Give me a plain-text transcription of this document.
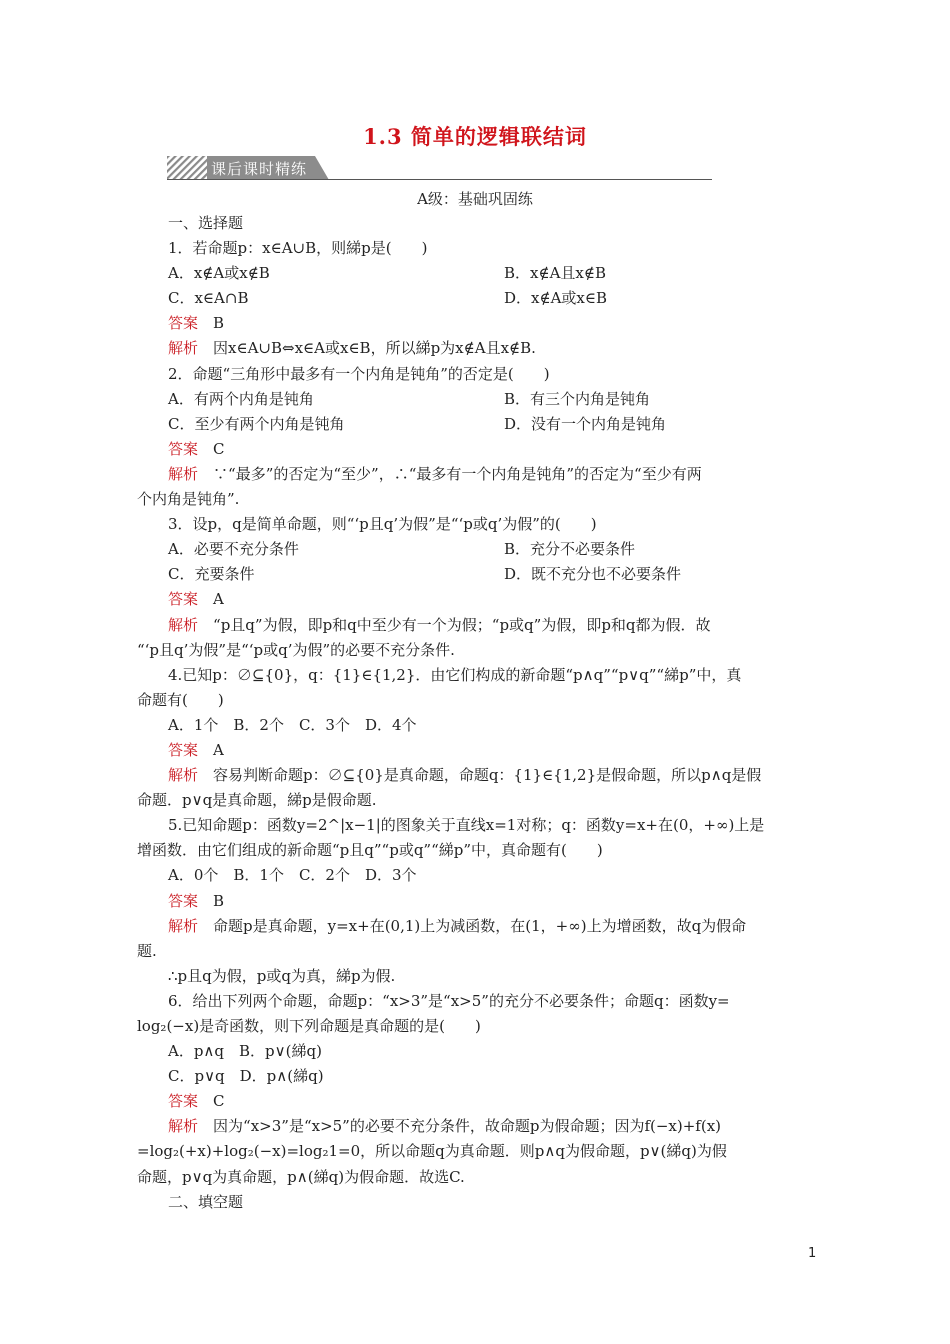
1.3 简单的逻辑联结词
课后课时精练
A级：基础巩固练

一、选择题

1．若命题p：x∈A∪B，则綈p是(　　)

A．x∉A或x∉B	B．x∉A且x∉B
C．x∈A∩B	D．x∉A或x∈B

答案　 B

解析　 因x∈A∪B⇔x∈A或x∈B，所以綈p为x∉A且x∉B.

2．命题“三角形中最多有一个内角是钝角”的否定是(　　)

A．有两个内角是钝角	B．有三个内角是钝角
C．至少有两个内角是钝角	D．没有一个内角是钝角

答案　 C

解析　 ∵“最多”的否定为“至少”，∴“最多有一个内角是钝角”的否定为“至少有两

个内角是钝角”.

3．设p，q是简单命题，则“‘p且q’为假”是“‘p或q’为假”的(　　)

A．必要不充分条件	B．充分不必要条件
C．充要条件	D．既不充分也不必要条件

答案　 A

解析　 “p且q”为假，即p和q中至少有一个为假；“p或q”为假，即p和q都为假．故

“‘p且q’为假”是“‘p或q’为假”的必要不充分条件.

4.已知p：∅⊆{0}，q：{1}∈{1,2}．由它们构成的新命题“p∧q”“p∨q”“綈p”中，真

命题有(　　)

A．1个　B．2个　C．3个　D．4个

答案　 A

解析　 容易判断命题p：∅⊆{0}是真命题，命题q：{1}∈{1,2}是假命题，所以p∧q是假

命题．p∨q是真命题，綈p是假命题.

5.已知命题p：函数y=2^|x−1|的图象关于直线x=1对称；q：函数y=x+在(0，+∞)上是

增函数．由它们组成的新命题“p且q”“p或q”“綈p”中，真命题有(　　)

A．0个　B．1个　C．2个　D．3个

答案　 B

解析　 命题p是真命题，y=x+在(0,1)上为减函数，在(1，+∞)上为增函数，故q为假命

题.

∴p且q为假，p或q为真，綈p为假.

6．给出下列两个命题，命题p：“x>3”是“x>5”的充分不必要条件；命题q：函数y=

log₂(−x)是奇函数，则下列命题是真命题的是(　　)

A．p∧q　B．p∨(綈q)

C．p∨q　D．p∧(綈q)

答案　 C

解析　 因为“x>3”是“x>5”的必要不充分条件，故命题p为假命题；因为f(−x)+f(x)

=log₂(+x)+log₂(−x)=log₂1=0，所以命题q为真命题．则p∧q为假命题，p∨(綈q)为假

命题，p∨q为真命题，p∧(綈q)为假命题．故选C.

二、填空题

1
